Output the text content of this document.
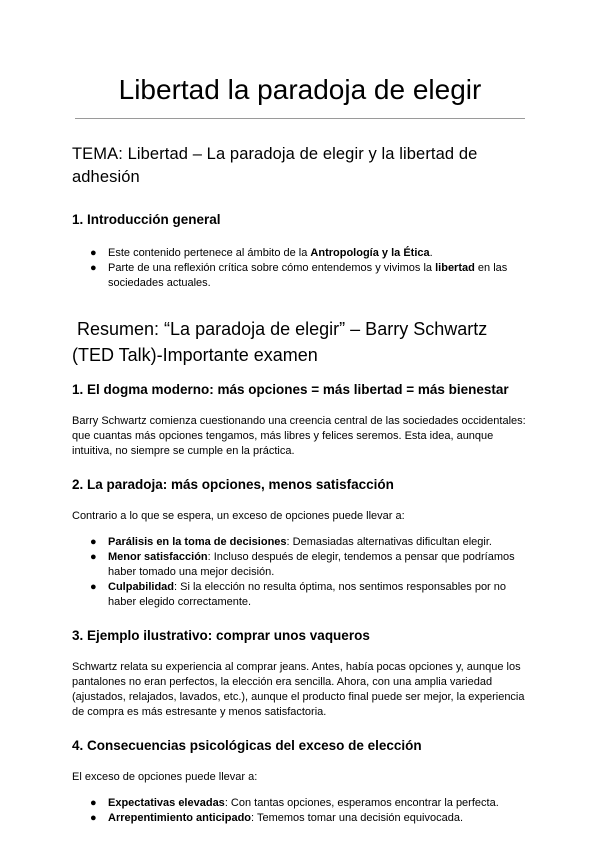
Libertad la paradoja de elegir
TEMA: Libertad – La paradoja de elegir y la libertad de adhesión
1. Introducción general
● Este contenido pertenece al ámbito de la Antropología y la Ética.
● Parte de una reflexión crítica sobre cómo entendemos y vivimos la libertad en las sociedades actuales.
Resumen: “La paradoja de elegir” – Barry Schwartz (TED Talk)-Importante examen
1. El dogma moderno: más opciones = más libertad = más bienestar

Barry Schwartz comienza cuestionando una creencia central de las sociedades occidentales: que cuantas más opciones tengamos, más libres y felices seremos. Esta idea, aunque intuitiva, no siempre se cumple en la práctica.

2. La paradoja: más opciones, menos satisfacción

Contrario a lo que se espera, un exceso de opciones puede llevar a:

● Parálisis en la toma de decisiones: Demasiadas alternativas dificultan elegir.
● Menor satisfacción: Incluso después de elegir, tendemos a pensar que podríamos haber tomado una mejor decisión.
● Culpabilidad: Si la elección no resulta óptima, nos sentimos responsables por no haber elegido correctamente.
3. Ejemplo ilustrativo: comprar unos vaqueros

Schwartz relata su experiencia al comprar jeans. Antes, había pocas opciones y, aunque los pantalones no eran perfectos, la elección era sencilla. Ahora, con una amplia variedad (ajustados, relajados, lavados, etc.), aunque el producto final puede ser mejor, la experiencia de compra es más estresante y menos satisfactoria.

4. Consecuencias psicológicas del exceso de elección

El exceso de opciones puede llevar a:

● Expectativas elevadas: Con tantas opciones, esperamos encontrar la perfecta.
● Arrepentimiento anticipado: Tememos tomar una decisión equivocada.
